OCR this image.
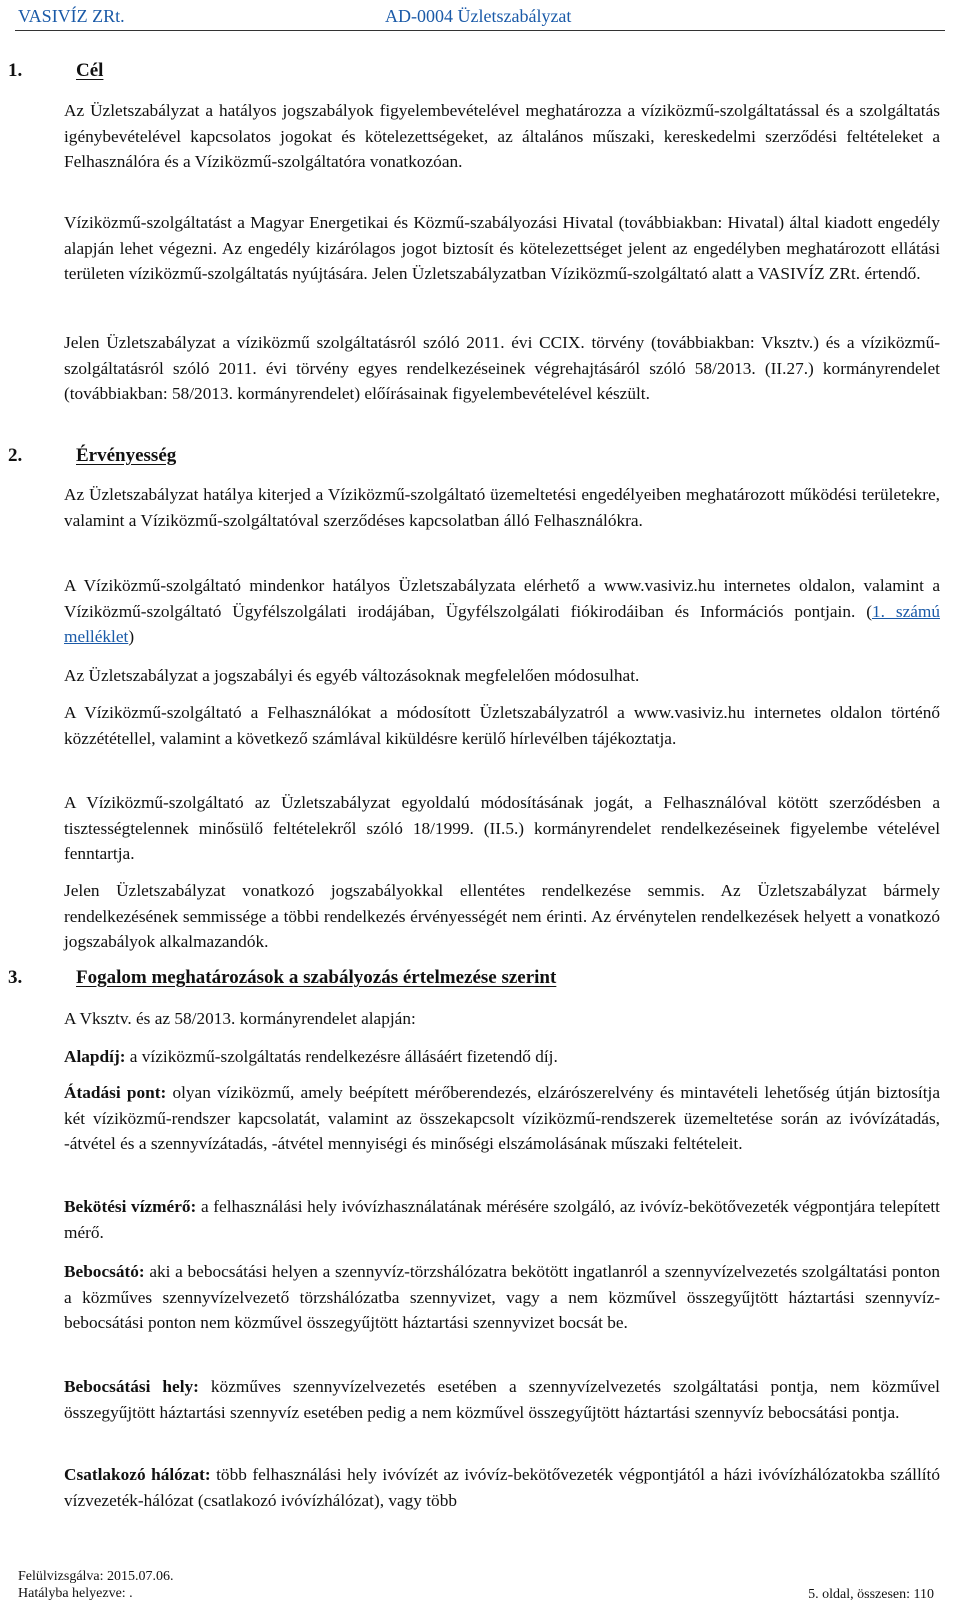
VASIVÍZ ZRt.	AD-0004 Üzletszabályzat
1.	Cél
Az Üzletszabályzat a hatályos jogszabályok figyelembevételével meghatározza a víziközmű-szolgáltatással és a szolgáltatás igénybevételével kapcsolatos jogokat és kötelezettségeket, az általános műszaki, kereskedelmi szerződési feltételeket a Felhasználóra és a Víziközmű-szolgáltatóra vonatkozóan.
Víziközmű-szolgáltatást a Magyar Energetikai és Közmű-szabályozási Hivatal (továbbiakban: Hivatal) által kiadott engedély alapján lehet végezni. Az engedély kizárólagos jogot biztosít és kötelezettséget jelent az engedélyben meghatározott ellátási területen víziközmű-szolgáltatás nyújtására. Jelen Üzletszabályzatban Víziközmű-szolgáltató alatt a VASIVÍZ ZRt. értendő.
Jelen Üzletszabályzat a víziközmű szolgáltatásról szóló 2011. évi CCIX. törvény (továbbiakban: Vksztv.) és a víziközmű-szolgáltatásról szóló 2011. évi törvény egyes rendelkezéseinek végrehajtásáról szóló 58/2013. (II.27.) kormányrendelet (továbbiakban: 58/2013. kormányrendelet) előírásainak figyelembevételével készült.
2.	Érvényesség
Az Üzletszabályzat hatálya kiterjed a Víziközmű-szolgáltató üzemeltetési engedélyeiben meghatározott működési területekre, valamint a Víziközmű-szolgáltatóval szerződéses kapcsolatban álló Felhasználókra.
A Víziközmű-szolgáltató mindenkor hatályos Üzletszabályzata elérhető a www.vasiviz.hu internetes oldalon, valamint a Víziközmű-szolgáltató Ügyfélszolgálati irodájában, Ügyfélszolgálati fiókirodáiban és Információs pontjain. (1. számú melléklet)
Az Üzletszabályzat a jogszabályi és egyéb változásoknak megfelelően módosulhat.
A Víziközmű-szolgáltató a Felhasználókat a módosított Üzletszabályzatról a www.vasiviz.hu internetes oldalon történő közzététellel, valamint a következő számlával kiküldésre kerülő hírlevélben tájékoztatja.
A Víziközmű-szolgáltató az Üzletszabályzat egyoldalú módosításának jogát, a Felhasználóval kötött szerződésben a tisztességtelennek minősülő feltételekről szóló 18/1999. (II.5.) kormányrendelet rendelkezéseinek figyelembe vételével fenntartja.
Jelen Üzletszabályzat vonatkozó jogszabályokkal ellentétes rendelkezése semmis. Az Üzletszabályzat bármely rendelkezésének semmissége a többi rendelkezés érvényességét nem érinti. Az érvénytelen rendelkezések helyett a vonatkozó jogszabályok alkalmazandók.
3.	Fogalom meghatározások a szabályozás értelmezése szerint
A Vksztv. és az 58/2013. kormányrendelet alapján:
Alapdíj: a víziközmű-szolgáltatás rendelkezésre állásáért fizetendő díj.
Átadási pont: olyan víziközmű, amely beépített mérőberendezés, elzárószerelvény és mintavételi lehetőség útján biztosítja két víziközmű-rendszer kapcsolatát, valamint az összekapcsolt víziközmű-rendszerek üzemeltetése során az ivóvízátadás, -átvétel és a szennyvízátadás, -átvétel mennyiségi és minőségi elszámolásának műszaki feltételeit.
Bekötési vízmérő: a felhasználási hely ivóvízhasználatának mérésére szolgáló, az ivóvíz-bekötővezeték végpontjára telepített mérő.
Bebocsátó: aki a bebocsátási helyen a szennyvíz-törzshálózatra bekötött ingatlanról a szennyvízelvezetés szolgáltatási ponton a közműves szennyvízelvezető törzshálózatba szennyvizet, vagy a nem közművel összegyűjtött háztartási szennyvíz-bebocsátási ponton nem közművel összegyűjtött háztartási szennyvizet bocsát be.
Bebocsátási hely: közműves szennyvízelvezetés esetében a szennyvízelvezetés szolgáltatási pontja, nem közművel összegyűjtött háztartási szennyvíz esetében pedig a nem közművel összegyűjtött háztartási szennyvíz bebocsátási pontja.
Csatlakozó hálózat: több felhasználási hely ivóvízét az ivóvíz-bekötővezeték végpontjától a házi ivóvízhálózatokba szállító vízvezeték-hálózat (csatlakozó ivóvízhálózat), vagy több
Felülvizsgálva: 2015.07.06.
Hatályba helyezve: .	5. oldal, összesen: 110
